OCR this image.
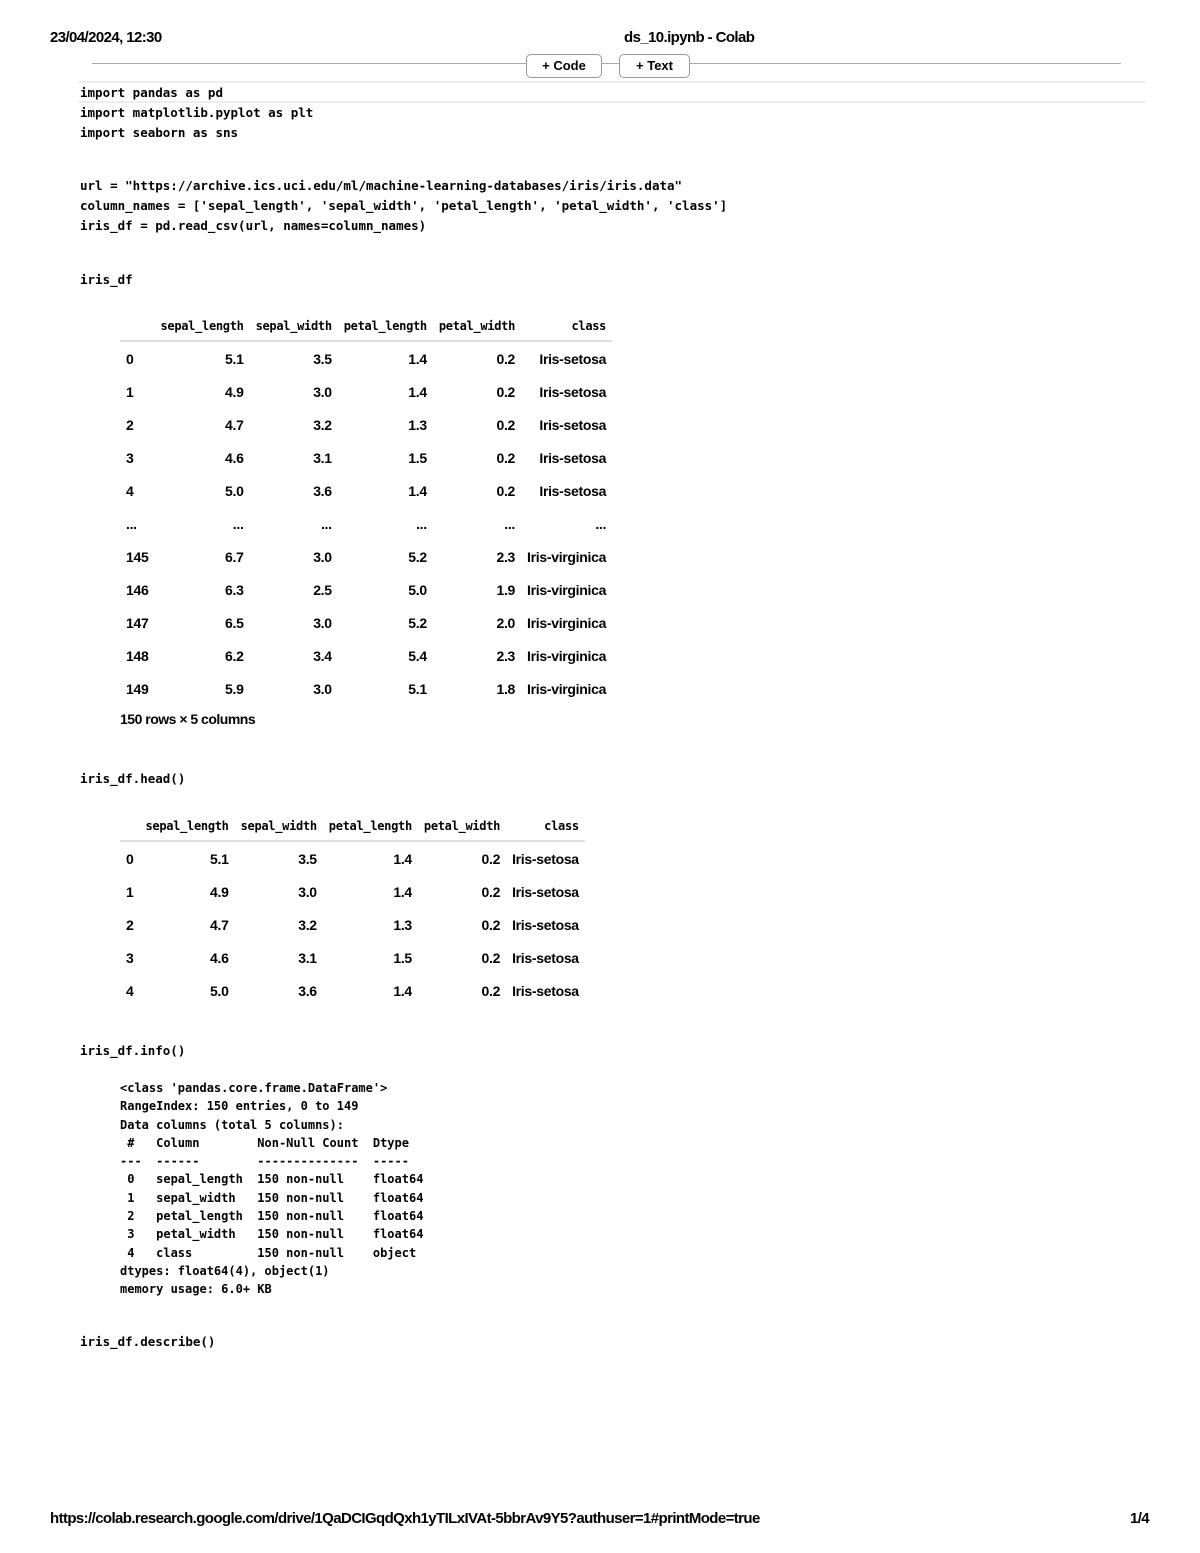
23/04/2024, 12:30	ds_10.ipynb - Colab
+ Code	+ Text
import pandas as pd
import matplotlib.pyplot as plt
import seaborn as sns
url = "https://archive.ics.uci.edu/ml/machine-learning-databases/iris/iris.data"
column_names = ['sepal_length', 'sepal_width', 'petal_length', 'petal_width', 'class']
iris_df = pd.read_csv(url, names=column_names)
iris_df
	sepal_length	sepal_width	petal_length	petal_width	class
0	5.1	3.5	1.4	0.2	Iris-setosa
1	4.9	3.0	1.4	0.2	Iris-setosa
2	4.7	3.2	1.3	0.2	Iris-setosa
3	4.6	3.1	1.5	0.2	Iris-setosa
4	5.0	3.6	1.4	0.2	Iris-setosa
...	...	...	...	...	...
145	6.7	3.0	5.2	2.3	Iris-virginica
146	6.3	2.5	5.0	1.9	Iris-virginica
147	6.5	3.0	5.2	2.0	Iris-virginica
148	6.2	3.4	5.4	2.3	Iris-virginica
149	5.9	3.0	5.1	1.8	Iris-virginica
150 rows × 5 columns
iris_df.head()
	sepal_length	sepal_width	petal_length	petal_width	class
0	5.1	3.5	1.4	0.2	Iris-setosa
1	4.9	3.0	1.4	0.2	Iris-setosa
2	4.7	3.2	1.3	0.2	Iris-setosa
3	4.6	3.1	1.5	0.2	Iris-setosa
4	5.0	3.6	1.4	0.2	Iris-setosa
iris_df.info()
<class 'pandas.core.frame.DataFrame'>
RangeIndex: 150 entries, 0 to 149
Data columns (total 5 columns):
#   Column        Non-Null Count  Dtype
---  ------        --------------  -----
0   sepal_length  150 non-null    float64
1   sepal_width   150 non-null    float64
2   petal_length  150 non-null    float64
3   petal_width   150 non-null    float64
4   class         150 non-null    object
dtypes: float64(4), object(1)
memory usage: 6.0+ KB
iris_df.describe()
https://colab.research.google.com/drive/1QaDCIGqdQxh1yTILxIVAt-5bbrAv9Y5?authuser=1#printMode=true	1/4
